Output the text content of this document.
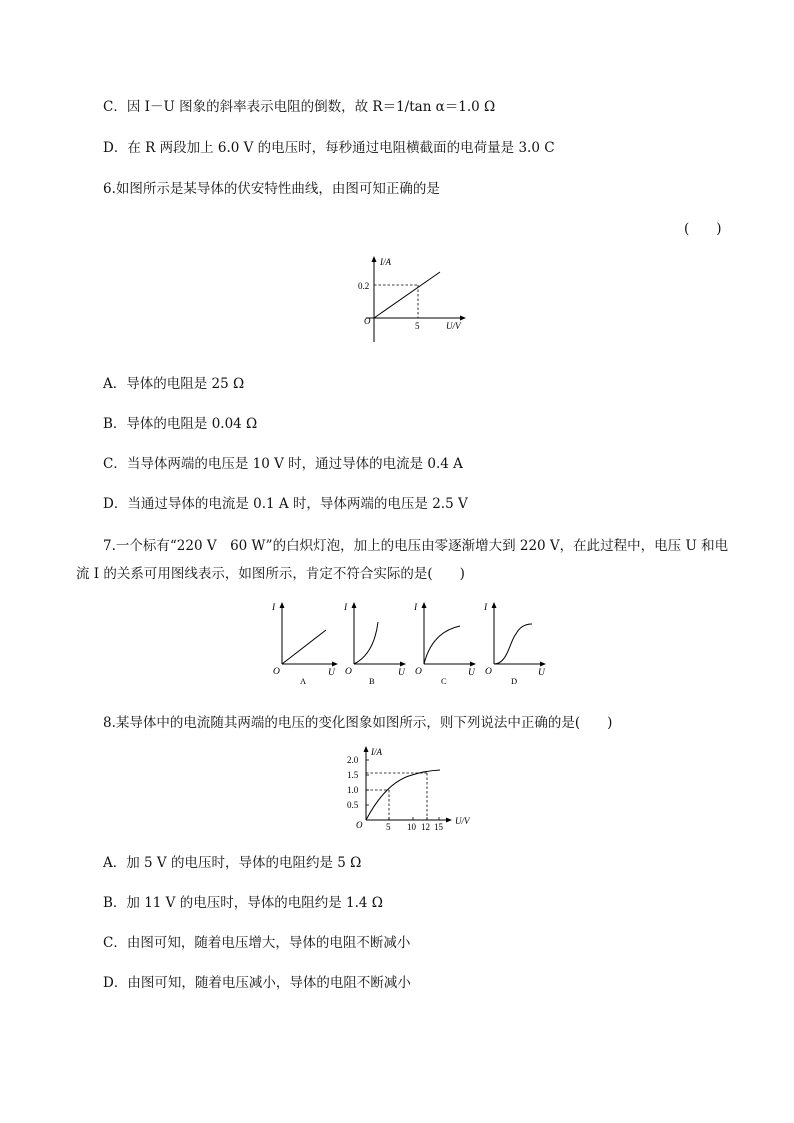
C．因 I－U 图象的斜率表示电阻的倒数，故 R＝1/tan α＝1.0 Ω
D．在 R 两段加上 6.0 V 的电压时，每秒通过电阻横截面的电荷量是 3.0 C
6.如图所示是某导体的伏安特性曲线，由图可知正确的是
(　　)
I/A
0.2
O	5	U/V
A．导体的电阻是 25 Ω
B．导体的电阻是 0.04 Ω
C．当导体两端的电压是 10 V 时，通过导体的电流是 0.4 A
D．当通过导体的电流是 0.1 A 时，导体两端的电压是 2.5 V
7.一个标有“220 V　60 W”的白炽灯泡，加上的电压由零逐渐增大到 220 V，在此过程中，电压 U 和电
流 I 的关系可用图线表示，如图所示，肯定不符合实际的是(　　)
I
O	U
A
I
O	U
B
I
O	U
C
I
O	U
D
8.某导体中的电流随其两端的电压的变化图象如图所示，则下列说法中正确的是(　　)
I/A
2.0
1.5
1.0
0.5
O	5 10 12 15
U/V
A．加 5 V 的电压时，导体的电阻约是 5 Ω
B．加 11 V 的电压时，导体的电阻约是 1.4 Ω
C．由图可知，随着电压增大，导体的电阻不断减小
D．由图可知，随着电压减小，导体的电阻不断减小
